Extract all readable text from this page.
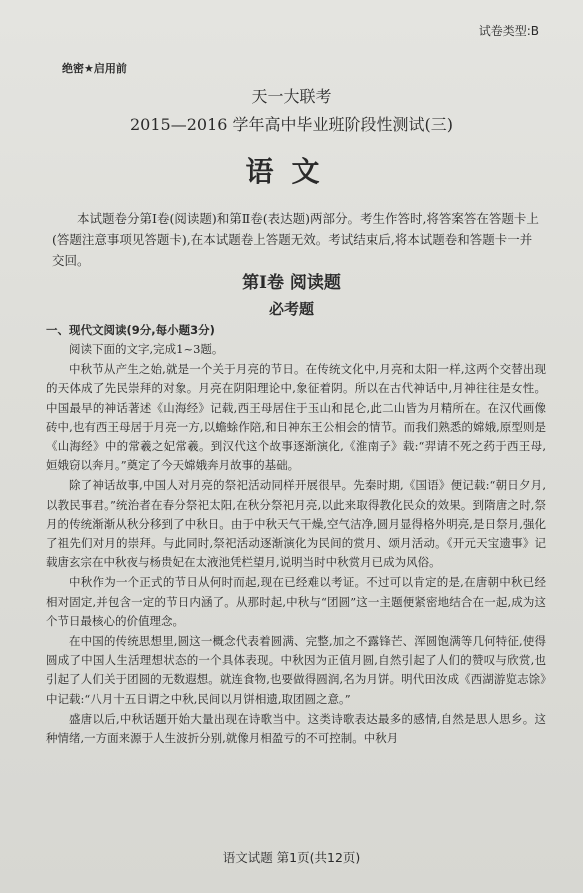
试卷类型:B
绝密★启用前
天一大联考
2015—2016 学年高中毕业班阶段性测试(三)
语文
本试题卷分第Ⅰ卷(阅读题)和第Ⅱ卷(表达题)两部分。考生作答时,将答案答在答题卡上(答题注意事项见答题卡),在本试题卷上答题无效。考试结束后,将本试题卷和答题卡一并交回。
第Ⅰ卷 阅读题
必考题
一、现代文阅读(9分,每小题3分)

阅读下面的文字,完成1~3题。

中秋节从产生之始,就是一个关于月亮的节日。在传统文化中,月亮和太阳一样,这两个交替出现的天体成了先民崇拜的对象。月亮在阴阳理论中,象征着阴。所以在古代神话中,月神往往是女性。中国最早的神话著述《山海经》记载,西王母居住于玉山和昆仑,此二山皆为月精所在。在汉代画像砖中,也有西王母居于月亮一方,以蟾蜍作陪,和日神东王公相会的情节。而我们熟悉的嫦娥,原型则是《山海经》中的常羲之妃常羲。到汉代这个故事逐渐演化,《淮南子》载:“羿请不死之药于西王母,姮娥窃以奔月。”奠定了今天嫦娥奔月故事的基础。

除了神话故事,中国人对月亮的祭祀活动同样开展很早。先秦时期,《国语》便记载:“朝日夕月,以教民事君。”统治者在春分祭祀太阳,在秋分祭祀月亮,以此来取得教化民众的效果。到隋唐之时,祭月的传统渐渐从秋分移到了中秋日。由于中秋天气干燥,空气洁净,圆月显得格外明亮,是日祭月,强化了祖先们对月的崇拜。与此同时,祭祀活动逐渐演化为民间的赏月、颂月活动。《开元天宝遗事》记载唐玄宗在中秋夜与杨贵妃在太液池凭栏望月,说明当时中秋赏月已成为风俗。

中秋作为一个正式的节日从何时而起,现在已经难以考证。不过可以肯定的是,在唐朝中秋已经相对固定,并包含一定的节日内涵了。从那时起,中秋与“团圆”这一主题便紧密地结合在一起,成为这个节日最核心的价值理念。

在中国的传统思想里,圆这一概念代表着圆满、完整,加之不露锋芒、浑圆饱满等几何特征,使得圆成了中国人生活理想状态的一个具体表现。中秋因为正值月圆,自然引起了人们的赞叹与欣赏,也引起了人们关于团圆的无数遐想。就连食物,也要做得圆润,名为月饼。明代田汝成《西湖游览志馀》中记载:“八月十五日谓之中秋,民间以月饼相遗,取团圆之意。”

盛唐以后,中秋话题开始大量出现在诗歌当中。这类诗歌表达最多的感情,自然是思人思乡。这种情绪,一方面来源于人生波折分别,就像月相盈亏的不可控制。中秋月

语文试题 第1页(共12页)
